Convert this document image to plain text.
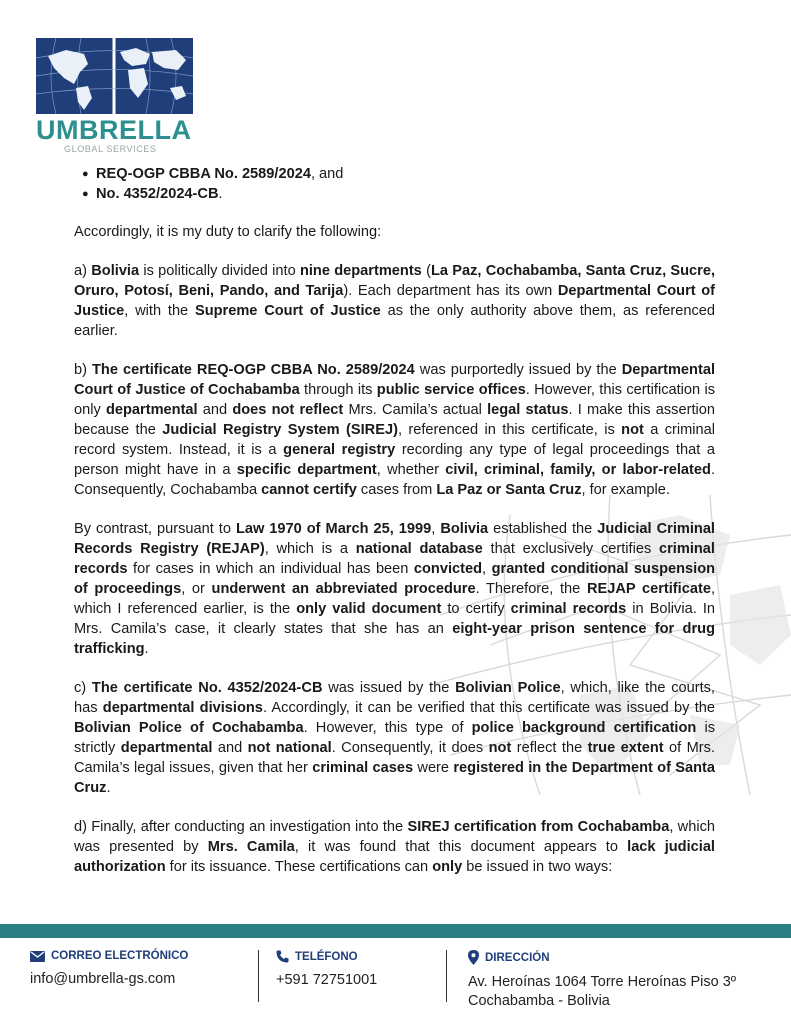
UMBRELLA
GLOBAL SERVICES
● REQ-OGP CBBA No. 2589/2024, and
● No. 4352/2024-CB.

Accordingly, it is my duty to clarify the following:

a) Bolivia is politically divided into nine departments (La Paz, Cochabamba, Santa Cruz, Sucre, Oruro, Potosí, Beni, Pando, and Tarija). Each department has its own Departmental Court of Justice, with the Supreme Court of Justice as the only authority above them, as referenced earlier.

b) The certificate REQ-OGP CBBA No. 2589/2024 was purportedly issued by the Departmental Court of Justice of Cochabamba through its public service offices. However, this certification is only departmental and does not reflect Mrs. Camila’s actual legal status. I make this assertion because the Judicial Registry System (SIREJ), referenced in this certificate, is not a criminal record system. Instead, it is a general registry recording any type of legal proceedings that a person might have in a specific department, whether civil, criminal, family, or labor-related. Consequently, Cochabamba cannot certify cases from La Paz or Santa Cruz, for example.

By contrast, pursuant to Law 1970 of March 25, 1999, Bolivia established the Judicial Criminal Records Registry (REJAP), which is a national database that exclusively certifies criminal records for cases in which an individual has been convicted, granted conditional suspension of proceedings, or underwent an abbreviated procedure. Therefore, the REJAP certificate, which I referenced earlier, is the only valid document to certify criminal records in Bolivia. In Mrs. Camila’s case, it clearly states that she has an eight-year prison sentence for drug trafficking.

c) The certificate No. 4352/2024-CB was issued by the Bolivian Police, which, like the courts, has departmental divisions. Accordingly, it can be verified that this certificate was issued by the Bolivian Police of Cochabamba. However, this type of police background certification is strictly departmental and not national. Consequently, it does not reflect the true extent of Mrs. Camila’s legal issues, given that her criminal cases were registered in the Department of Santa Cruz.

d) Finally, after conducting an investigation into the SIREJ certification from Cochabamba, which was presented by Mrs. Camila, it was found that this document appears to lack judicial authorization for its issuance. These certifications can only be issued in two ways:

CORREO ELECTRÓNICO
info@umbrella-gs.com
TELÉFONO
+591 72751001
DIRECCIÓN
Av. Heroínas 1064 Torre Heroínas Piso 3º
Cochabamba - Bolivia
